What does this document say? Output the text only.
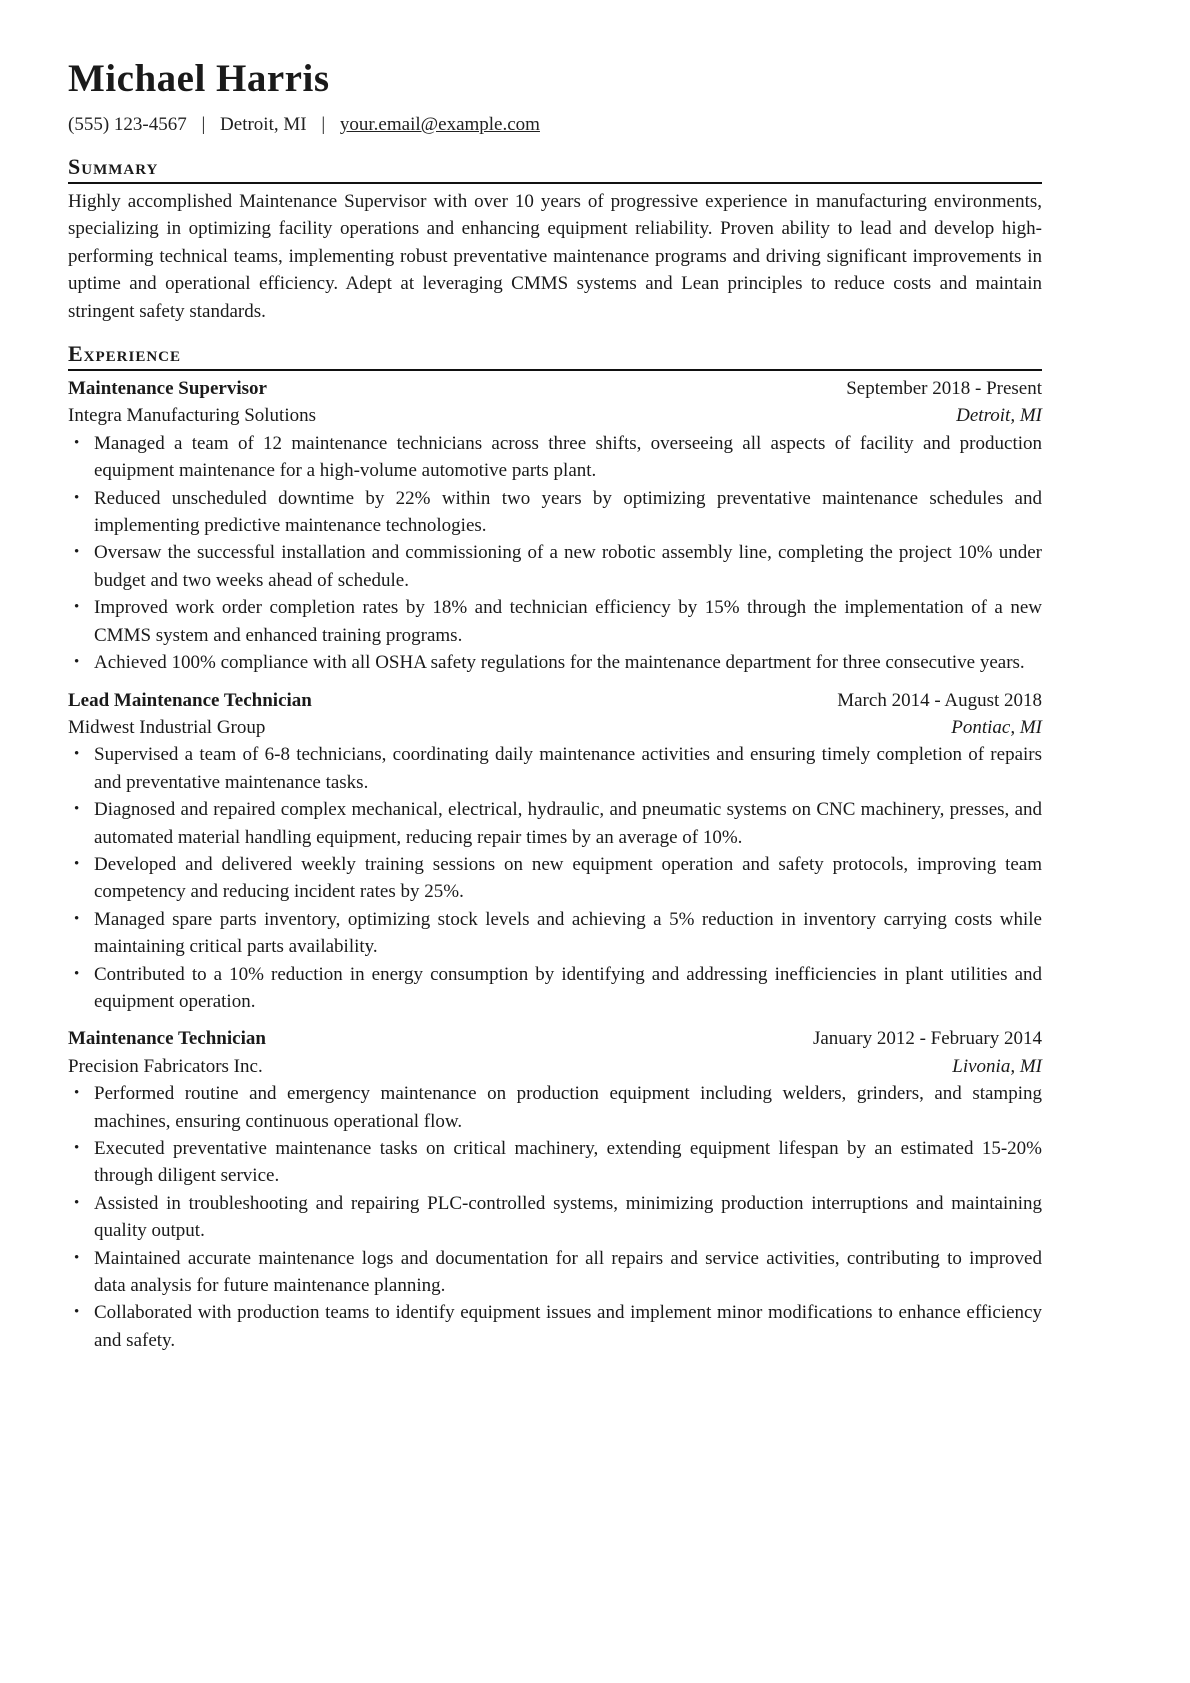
Michael Harris
(555) 123-4567 | Detroit, MI | your.email@example.com
Summary

Highly accomplished Maintenance Supervisor with over 10 years of progressive experience in manufacturing environments, specializing in optimizing facility operations and enhancing equipment reliability. Proven ability to lead and develop high-performing technical teams, implementing robust preventative maintenance programs and driving significant improvements in uptime and operational efficiency. Adept at leveraging CMMS systems and Lean principles to reduce costs and maintain stringent safety standards.

Experience
Maintenance Supervisor	September 2018 - Present
Integra Manufacturing Solutions	Detroit, MI
• Managed a team of 12 maintenance technicians across three shifts, overseeing all aspects of facility and production equipment maintenance for a high-volume automotive parts plant.
• Reduced unscheduled downtime by 22% within two years by optimizing preventative maintenance schedules and implementing predictive maintenance technologies.
• Oversaw the successful installation and commissioning of a new robotic assembly line, completing the project 10% under budget and two weeks ahead of schedule.
• Improved work order completion rates by 18% and technician efficiency by 15% through the implementation of a new CMMS system and enhanced training programs.
• Achieved 100% compliance with all OSHA safety regulations for the maintenance department for three consecutive years.
Lead Maintenance Technician	March 2014 - August 2018
Midwest Industrial Group	Pontiac, MI
• Supervised a team of 6-8 technicians, coordinating daily maintenance activities and ensuring timely completion of repairs and preventative maintenance tasks.
• Diagnosed and repaired complex mechanical, electrical, hydraulic, and pneumatic systems on CNC machinery, presses, and automated material handling equipment, reducing repair times by an average of 10%.
• Developed and delivered weekly training sessions on new equipment operation and safety protocols, improving team competency and reducing incident rates by 25%.
• Managed spare parts inventory, optimizing stock levels and achieving a 5% reduction in inventory carrying costs while maintaining critical parts availability.
• Contributed to a 10% reduction in energy consumption by identifying and addressing inefficiencies in plant utilities and equipment operation.
Maintenance Technician	January 2012 - February 2014
Precision Fabricators Inc.	Livonia, MI
• Performed routine and emergency maintenance on production equipment including welders, grinders, and stamping machines, ensuring continuous operational flow.
• Executed preventative maintenance tasks on critical machinery, extending equipment lifespan by an estimated 15-20% through diligent service.
• Assisted in troubleshooting and repairing PLC-controlled systems, minimizing production interruptions and maintaining quality output.
• Maintained accurate maintenance logs and documentation for all repairs and service activities, contributing to improved data analysis for future maintenance planning.
• Collaborated with production teams to identify equipment issues and implement minor modifications to enhance efficiency and safety.
